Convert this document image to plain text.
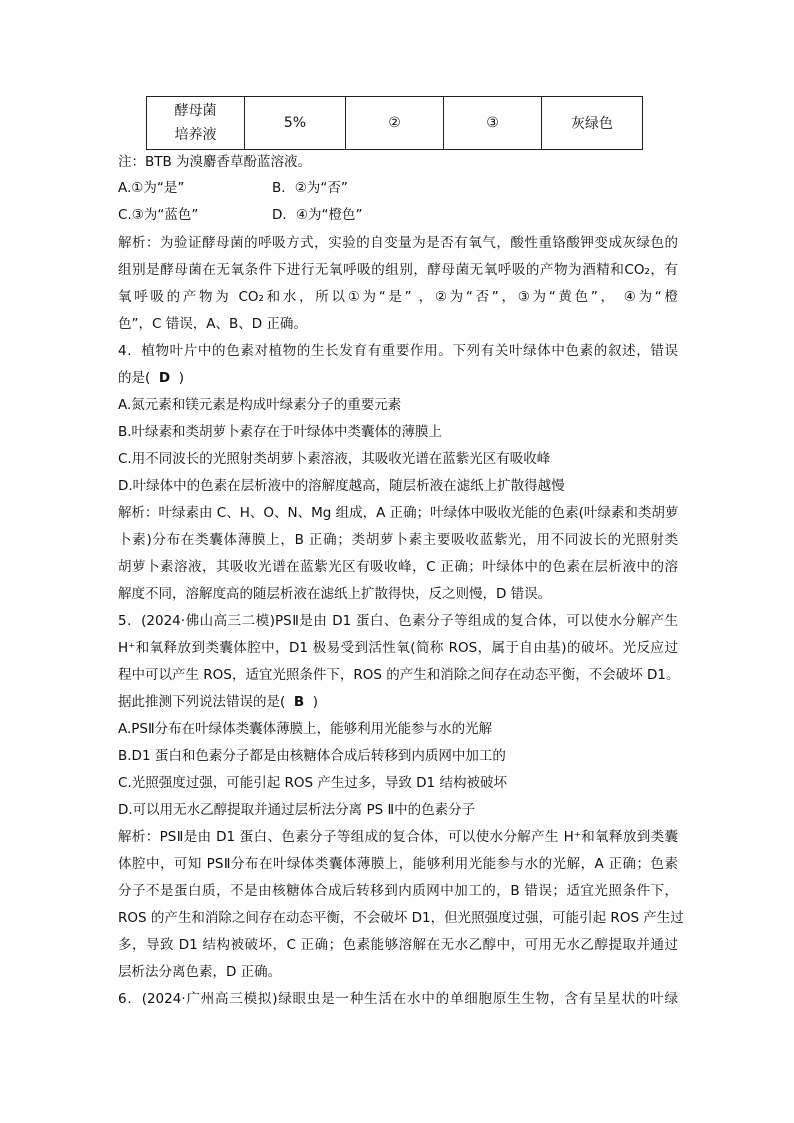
酵母菌
培养液
	5%	②	③	灰绿色
注：BTB 为溴麝香草酚蓝溶液。
A.①为“是”	B．②为“否”
C.③为“蓝色”	D．④为“橙色”
解析：为验证酵母菌的呼吸方式，实验的自变量为是否有氧气，酸性重铬酸钾变成灰绿色的
组别是酵母菌在无氧条件下进行无氧呼吸的组别，酵母菌无氧呼吸的产物为酒精和CO₂，有
氧呼吸的产物为 CO₂和水，所以①为“是” ，②为“否”，③为“黄色”， ④为“橙
色”，C 错误，A、B、D 正确。
4．植物叶片中的色素对植物的生长发育有重要作用。下列有关叶绿体中色素的叙述，错误
的是( D )
A.氮元素和镁元素是构成叶绿素分子的重要元素
B.叶绿素和类胡萝卜素存在于叶绿体中类囊体的薄膜上
C.用不同波长的光照射类胡萝卜素溶液，其吸收光谱在蓝紫光区有吸收峰
D.叶绿体中的色素在层析液中的溶解度越高，随层析液在滤纸上扩散得越慢
解析：叶绿素由 C、H、O、N、Mg 组成，A 正确；叶绿体中吸收光能的色素(叶绿素和类胡萝
卜素)分布在类囊体薄膜上，B 正确；类胡萝卜素主要吸收蓝紫光，用不同波长的光照射类
胡萝卜素溶液，其吸收光谱在蓝紫光区有吸收峰，C 正确；叶绿体中的色素在层析液中的溶
解度不同，溶解度高的随层析液在滤纸上扩散得快，反之则慢，D 错误。
5．(2024·佛山高三二模)PSⅡ是由 D1 蛋白、色素分子等组成的复合体，可以使水分解产生
H⁺和氧释放到类囊体腔中，D1 极易受到活性氧(简称 ROS，属于自由基)的破坏。光反应过
程中可以产生 ROS，适宜光照条件下，ROS 的产生和消除之间存在动态平衡，不会破坏 D1。
据此推测下列说法错误的是( B )
A.PSⅡ分布在叶绿体类囊体薄膜上，能够利用光能参与水的光解
B.D1 蛋白和色素分子都是由核糖体合成后转移到内质网中加工的
C.光照强度过强，可能引起 ROS 产生过多，导致 D1 结构被破坏
D.可以用无水乙醇提取并通过层析法分离 PS Ⅱ中的色素分子
解析：PSⅡ是由 D1 蛋白、色素分子等组成的复合体，可以使水分解产生 H⁺和氧释放到类囊
体腔中，可知 PSⅡ分布在叶绿体类囊体薄膜上，能够利用光能参与水的光解，A 正确；色素
分子不是蛋白质，不是由核糖体合成后转移到内质网中加工的，B 错误；适宜光照条件下，
ROS 的产生和消除之间存在动态平衡，不会破坏 D1，但光照强度过强，可能引起 ROS 产生过
多，导致 D1 结构被破坏，C 正确；色素能够溶解在无水乙醇中，可用无水乙醇提取并通过
层析法分离色素，D 正确。
6．(2024·广州高三模拟)绿眼虫是一种生活在水中的单细胞原生生物，含有呈星状的叶绿
